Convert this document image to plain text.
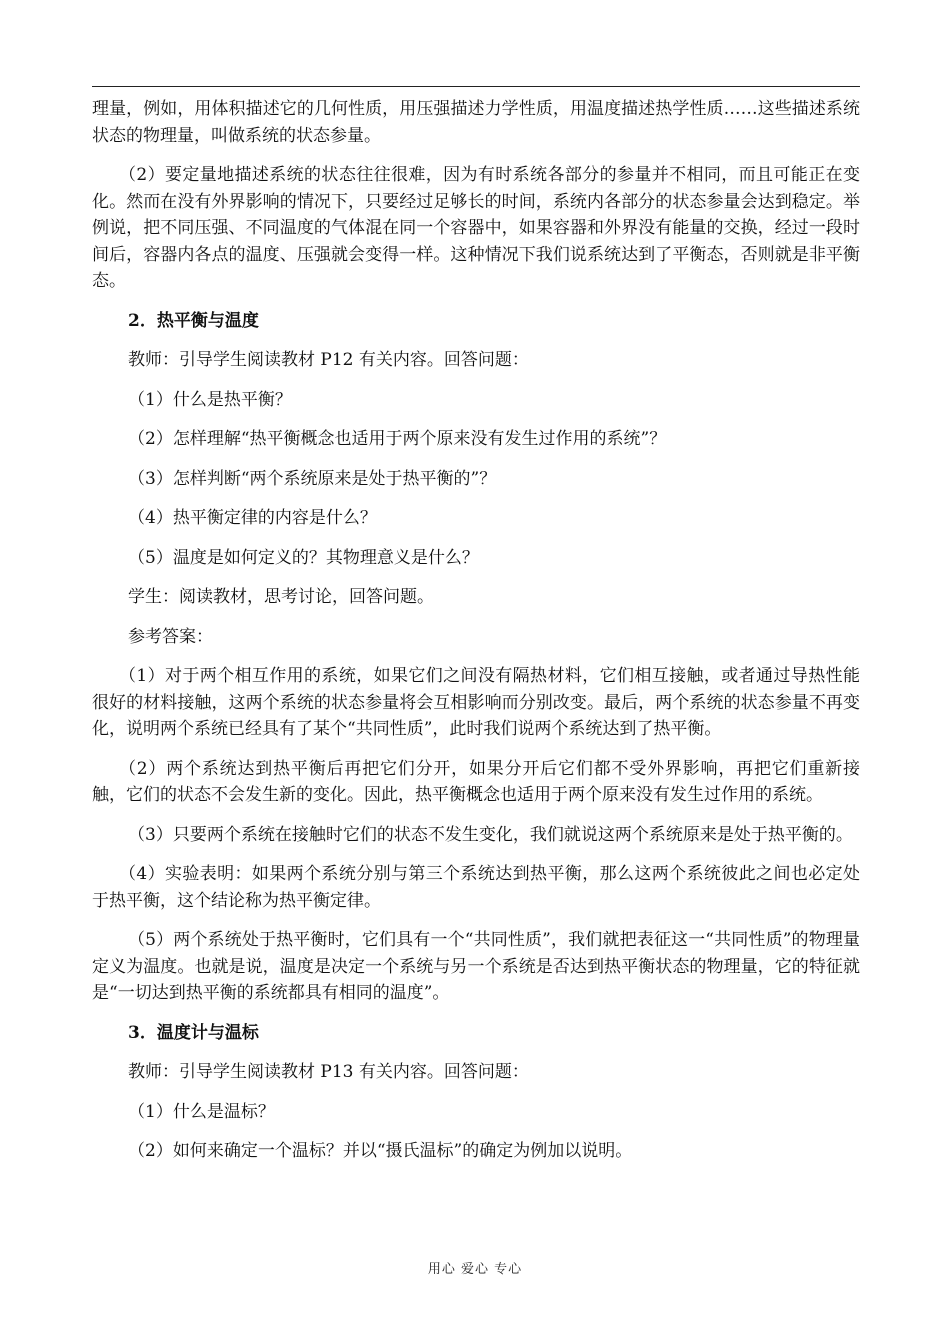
理量，例如，用体积描述它的几何性质，用压强描述力学性质，用温度描述热学性质……这些描述系统状态的物理量，叫做系统的状态参量。

（2）要定量地描述系统的状态往往很难，因为有时系统各部分的参量并不相同，而且可能正在变化。然而在没有外界影响的情况下，只要经过足够长的时间，系统内各部分的状态参量会达到稳定。举例说，把不同压强、不同温度的气体混在同一个容器中，如果容器和外界没有能量的交换，经过一段时间后，容器内各点的温度、压强就会变得一样。这种情况下我们说系统达到了平衡态，否则就是非平衡态。

2．热平衡与温度

教师：引导学生阅读教材 P12 有关内容。回答问题：

（1）什么是热平衡？

（2）怎样理解“热平衡概念也适用于两个原来没有发生过作用的系统”？

（3）怎样判断“两个系统原来是处于热平衡的”？

（4）热平衡定律的内容是什么？

（5）温度是如何定义的？其物理意义是什么？

学生：阅读教材，思考讨论，回答问题。

参考答案：

（1）对于两个相互作用的系统，如果它们之间没有隔热材料，它们相互接触，或者通过导热性能很好的材料接触，这两个系统的状态参量将会互相影响而分别改变。最后，两个系统的状态参量不再变化，说明两个系统已经具有了某个“共同性质”，此时我们说两个系统达到了热平衡。

（2）两个系统达到热平衡后再把它们分开，如果分开后它们都不受外界影响，再把它们重新接触，它们的状态不会发生新的变化。因此，热平衡概念也适用于两个原来没有发生过作用的系统。

（3）只要两个系统在接触时它们的状态不发生变化，我们就说这两个系统原来是处于热平衡的。

（4）实验表明：如果两个系统分别与第三个系统达到热平衡，那么这两个系统彼此之间也必定处于热平衡，这个结论称为热平衡定律。

（5）两个系统处于热平衡时，它们具有一个“共同性质”，我们就把表征这一“共同性质”的物理量定义为温度。也就是说，温度是决定一个系统与另一个系统是否达到热平衡状态的物理量，它的特征就是“一切达到热平衡的系统都具有相同的温度”。

3．温度计与温标

教师：引导学生阅读教材 P13 有关内容。回答问题：

（1）什么是温标？

（2）如何来确定一个温标？并以“摄氏温标”的确定为例加以说明。

用心 爱心 专心
